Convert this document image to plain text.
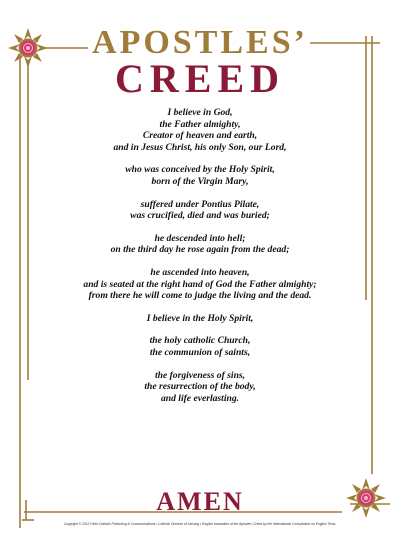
APOSTLES’
CREED
I believe in God,
the Father almighty,
Creator of heaven and earth,
and in Jesus Christ, his only Son, our Lord,
who was conceived by the Holy Spirit,
born of the Virgin Mary,
suffered under Pontius Pilate,
was crucified, died and was buried;
he descended into hell;
on the third day he rose again from the dead;
he ascended into heaven,
and is seated at the right hand of God the Father almighty;
from there he will come to judge the living and the dead.
I believe in the Holy Spirit,
the holy catholic Church,
the communion of saints,
the forgiveness of sins,
the resurrection of the body,
and life everlasting.
AMEN
Copyright © 2012 Faith Catholic Publishing & Communications • Catholic Diocese of Lansing • English translation of the Apostles’ Creed by the International Consultation on English Texts.
